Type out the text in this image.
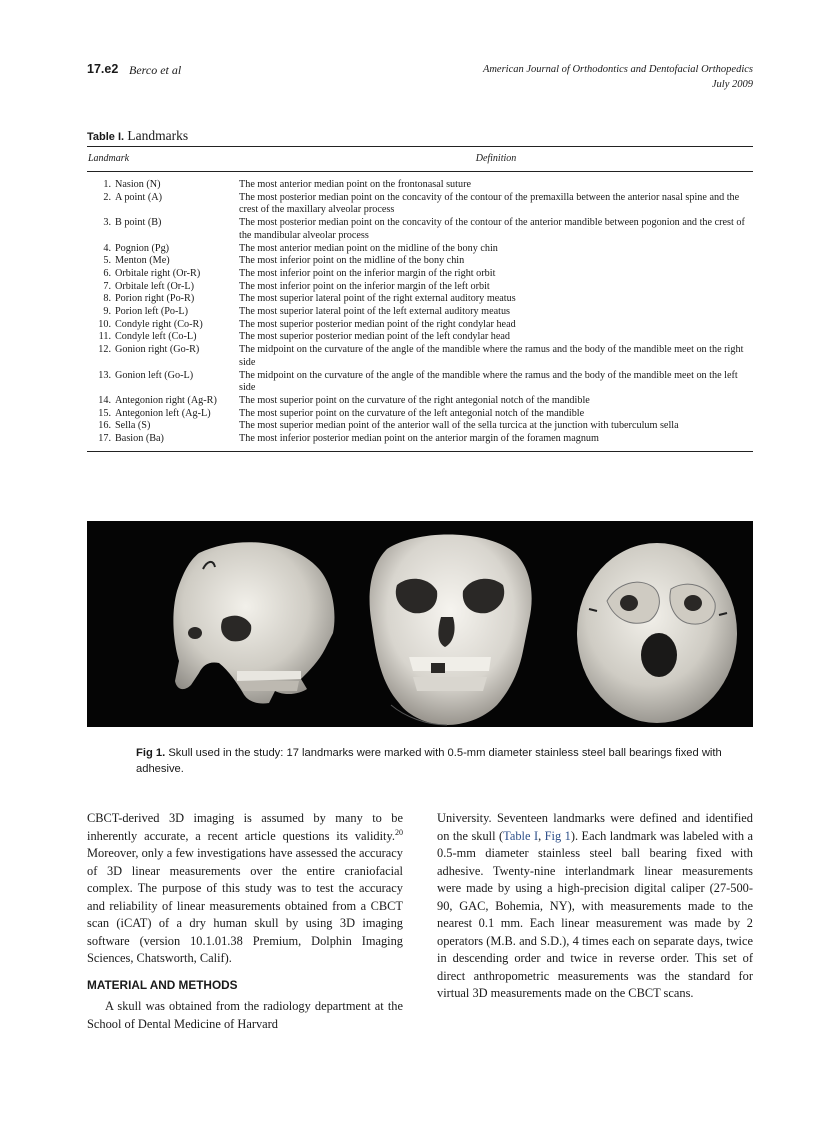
17.e2 Berco et al	American Journal of Orthodontics and Dentofacial Orthopedics
July 2009
Table I. Landmarks
Landmark		Definition
1.	Nasion (N)	The most anterior median point on the frontonasal suture
2.	A point (A)	The most posterior median point on the concavity of the contour of the premaxilla between the anterior nasal spine and the crest of the maxillary alveolar process
3.	B point (B)	The most posterior median point on the concavity of the contour of the anterior mandible between pogonion and the crest of the mandibular alveolar process
4.	Pognion (Pg)	The most anterior median point on the midline of the bony chin
5.	Menton (Me)	The most inferior point on the midline of the bony chin
6.	Orbitale right (Or-R)	The most inferior point on the inferior margin of the right orbit
7.	Orbitale left (Or-L)	The most inferior point on the inferior margin of the left orbit
8.	Porion right (Po-R)	The most superior lateral point of the right external auditory meatus
9.	Porion left (Po-L)	The most superior lateral point of the left external auditory meatus
10.	Condyle right (Co-R)	The most superior posterior median point of the right condylar head
11.	Condyle left (Co-L)	The most superior posterior median point of the left condylar head
12.	Gonion right (Go-R)	The midpoint on the curvature of the angle of the mandible where the ramus and the body of the mandible meet on the right side
13.	Gonion left (Go-L)	The midpoint on the curvature of the angle of the mandible where the ramus and the body of the mandible meet on the left side
14.	Antegonion right (Ag-R)	The most superior point on the curvature of the right antegonial notch of the mandible
15.	Antegonion left (Ag-L)	The most superior point on the curvature of the left antegonial notch of the mandible
16.	Sella (S)	The most superior median point of the anterior wall of the sella turcica at the junction with tuberculum sella
17.	Basion (Ba)	The most inferior posterior median point on the anterior margin of the foramen magnum
Fig 1. Skull used in the study: 17 landmarks were marked with 0.5-mm diameter stainless steel ball bearings fixed with adhesive.

CBCT-derived 3D imaging is assumed by many to be inherently accurate, a recent article questions its validity.$^{20}$ Moreover, only a few investigations have assessed the accuracy of 3D linear measurements over the entire craniofacial complex. The purpose of this study was to test the accuracy and reliability of linear measurements obtained from a CBCT scan (iCAT) of a dry human skull by using 3D imaging software (version 10.1.01.38 Premium, Dolphin Imaging Sciences, Chatsworth, Calif).

MATERIAL AND METHODS

A skull was obtained from the radiology department at the School of Dental Medicine of Harvard

University. Seventeen landmarks were defined and identified on the skull (Table I, Fig 1). Each landmark was labeled with a 0.5-mm diameter stainless steel ball bearing fixed with adhesive. Twenty-nine interlandmark linear measurements were made by using a high-precision digital caliper (27-500-90, GAC, Bohemia, NY), with measurements made to the nearest 0.1 mm. Each linear measurement was made by 2 operators (M.B. and S.D.), 4 times each on separate days, twice in descending order and twice in reverse order. This set of direct anthropometric measurements was the standard for virtual 3D measurements made on the CBCT scans.
